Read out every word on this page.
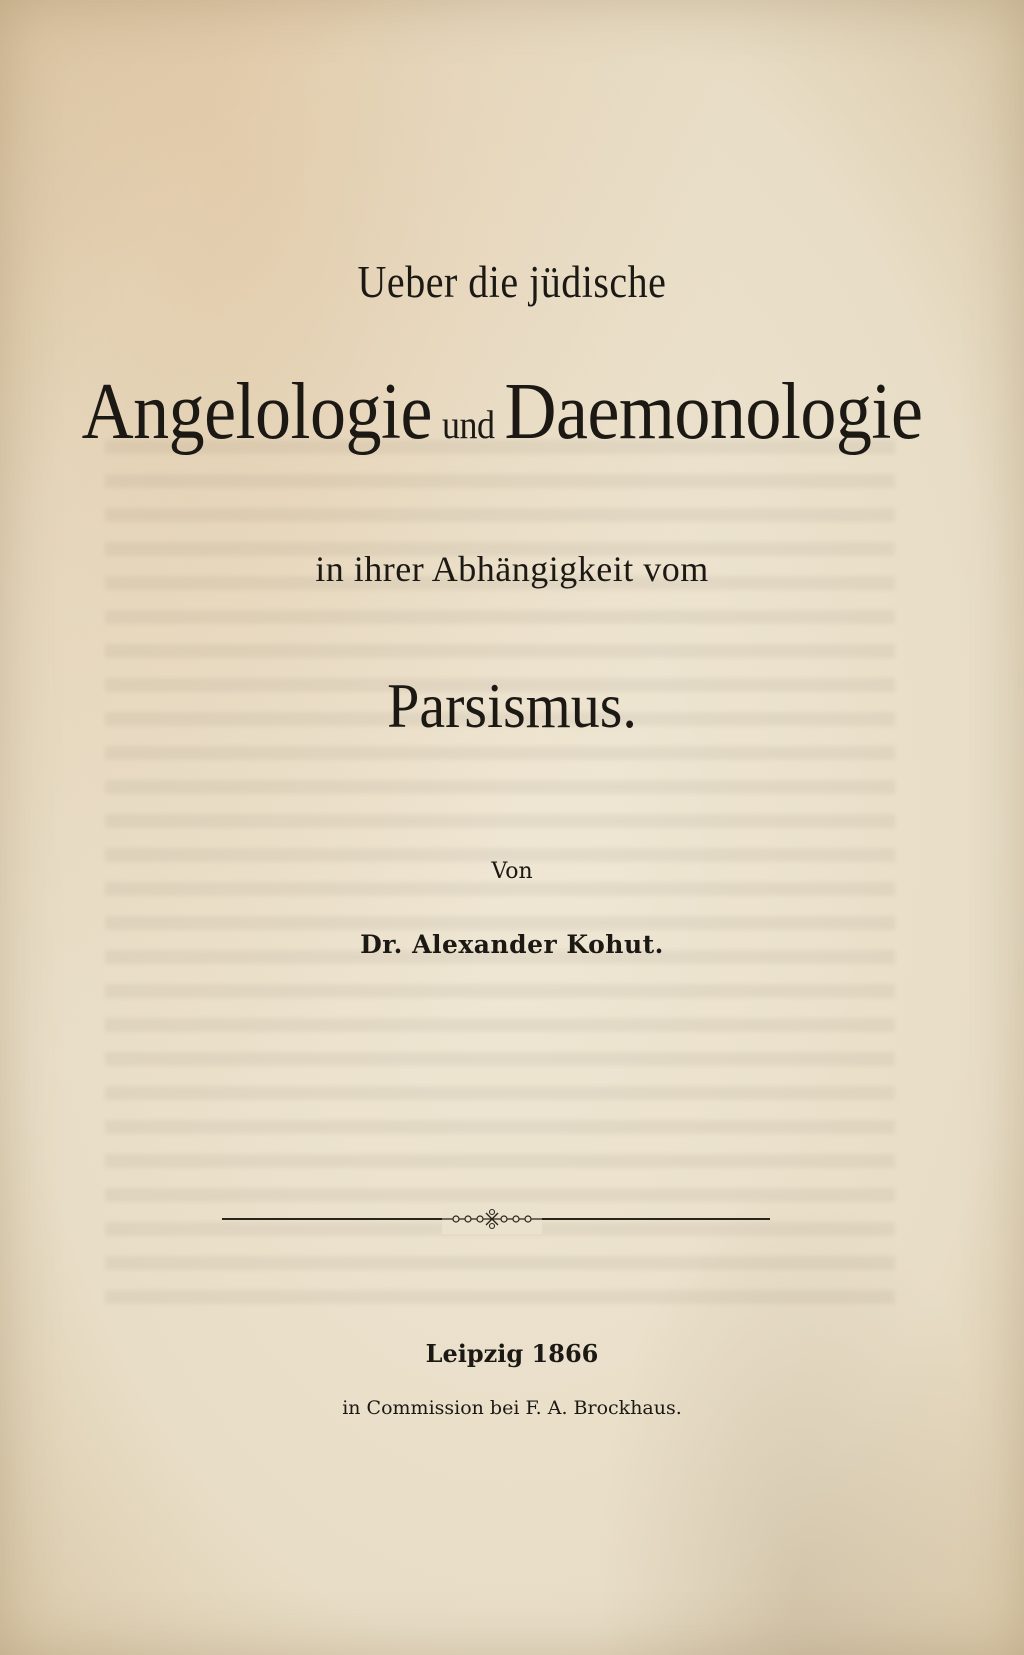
Ueber die jüdische

Angelologie und Daemonologie

in ihrer Abhängigkeit vom

Parsismus.

Von

Dr. Alexander Kohut.

Leipzig 1866

in Commission bei F. A. Brockhaus.
